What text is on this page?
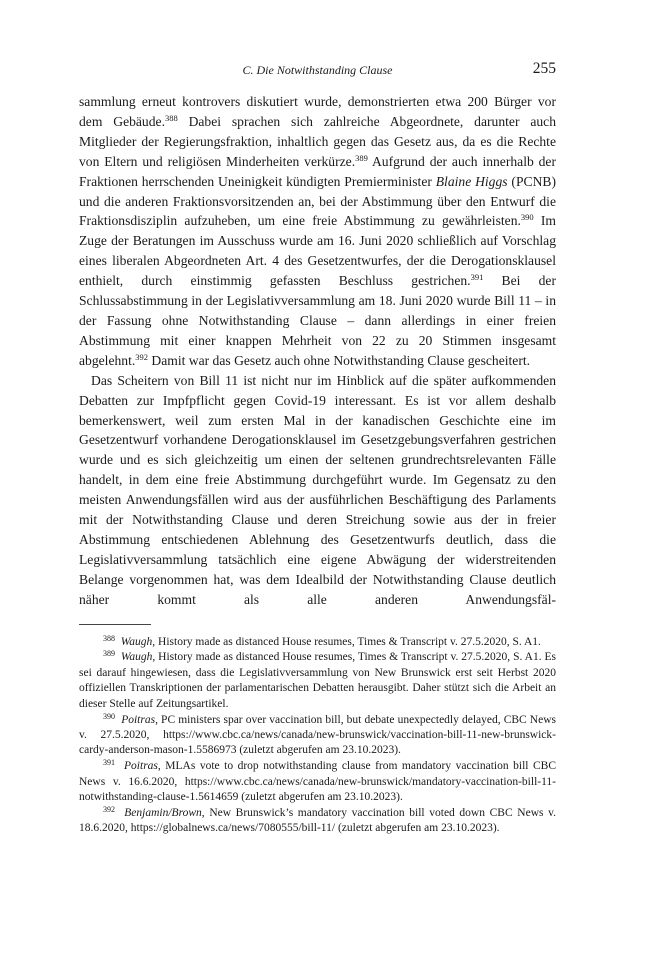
C. Die Notwithstanding Clause	255

sammlung erneut kontrovers diskutiert wurde, demonstrierten etwa 200 Bürger vor dem Gebäude.$^{388}$ Dabei sprachen sich zahlreiche Abgeordnete, darunter auch Mitglieder der Regierungsfraktion, inhaltlich gegen das Gesetz aus, da es die Rechte von Eltern und religiösen Minderheiten verkürze.$^{389}$ Aufgrund der auch innerhalb der Fraktionen herrschenden Uneinigkeit kündigten Premierminister Blaine Higgs (PCNB) und die anderen Fraktionsvorsitzenden an, bei der Abstimmung über den Entwurf die Fraktionsdisziplin aufzuheben, um eine freie Abstimmung zu gewährleisten.$^{390}$ Im Zuge der Beratungen im Ausschuss wurde am 16. Juni 2020 schließlich auf Vorschlag eines liberalen Abgeordneten Art. 4 des Gesetzentwurfes, der die Derogationsklausel enthielt, durch einstimmig gefassten Beschluss gestrichen.$^{391}$ Bei der Schlussabstimmung in der Legislativversammlung am 18. Juni 2020 wurde Bill 11 – in der Fassung ohne Notwithstanding Clause – dann allerdings in einer freien Abstimmung mit einer knappen Mehrheit von 22 zu 20 Stimmen insgesamt abgelehnt.$^{392}$ Damit war das Gesetz auch ohne Notwithstanding Clause gescheitert.

Das Scheitern von Bill 11 ist nicht nur im Hinblick auf die später aufkommenden Debatten zur Impfpflicht gegen Covid-19 interessant. Es ist vor allem deshalb bemerkenswert, weil zum ersten Mal in der kanadischen Geschichte eine im Gesetzentwurf vorhandene Derogationsklausel im Gesetzgebungsverfahren gestrichen wurde und es sich gleichzeitig um einen der seltenen grundrechtsrelevanten Fälle handelt, in dem eine freie Abstimmung durchgeführt wurde. Im Gegensatz zu den meisten Anwendungsfällen wird aus der ausführlichen Beschäftigung des Parlaments mit der Notwithstanding Clause und deren Streichung sowie aus der in freier Abstimmung entschiedenen Ablehnung des Gesetzentwurfs deutlich, dass die Legislativversammlung tatsächlich eine eigene Abwägung der widerstreitenden Belange vorgenommen hat, was dem Idealbild der Notwithstanding Clause deutlich näher kommt als alle anderen Anwendungsfäl-

$^{388}$ Waugh, History made as distanced House resumes, Times & Transcript v. 27.5.2020, S. A1.

$^{389}$ Waugh, History made as distanced House resumes, Times & Transcript v. 27.5.2020, S. A1. Es sei darauf hingewiesen, dass die Legislativversammlung von New Brunswick erst seit Herbst 2020 offiziellen Transkriptionen der parlamentarischen Debatten herausgibt. Daher stützt sich die Arbeit an dieser Stelle auf Zeitungsartikel.

$^{390}$ Poitras, PC ministers spar over vaccination bill, but debate unexpectedly delayed, CBC News v. 27.5.2020, https://www.cbc.ca/news/canada/new-brunswick/vaccination-bill-11-new-brunswick-cardy-anderson-mason-1.5586973 (zuletzt abgerufen am 23.10.2023).

$^{391}$ Poitras, MLAs vote to drop notwithstanding clause from mandatory vaccination bill CBC News v. 16.6.2020, https://www.cbc.ca/news/canada/new-brunswick/mandatory-vaccination-bill-11-notwithstanding-clause-1.5614659 (zuletzt abgerufen am 23.10.2023).

$^{392}$ Benjamin/Brown, New Brunswick’s mandatory vaccination bill voted down CBC News v. 18.6.2020, https://globalnews.ca/news/7080555/bill-11/ (zuletzt abgerufen am 23.10.2023).
